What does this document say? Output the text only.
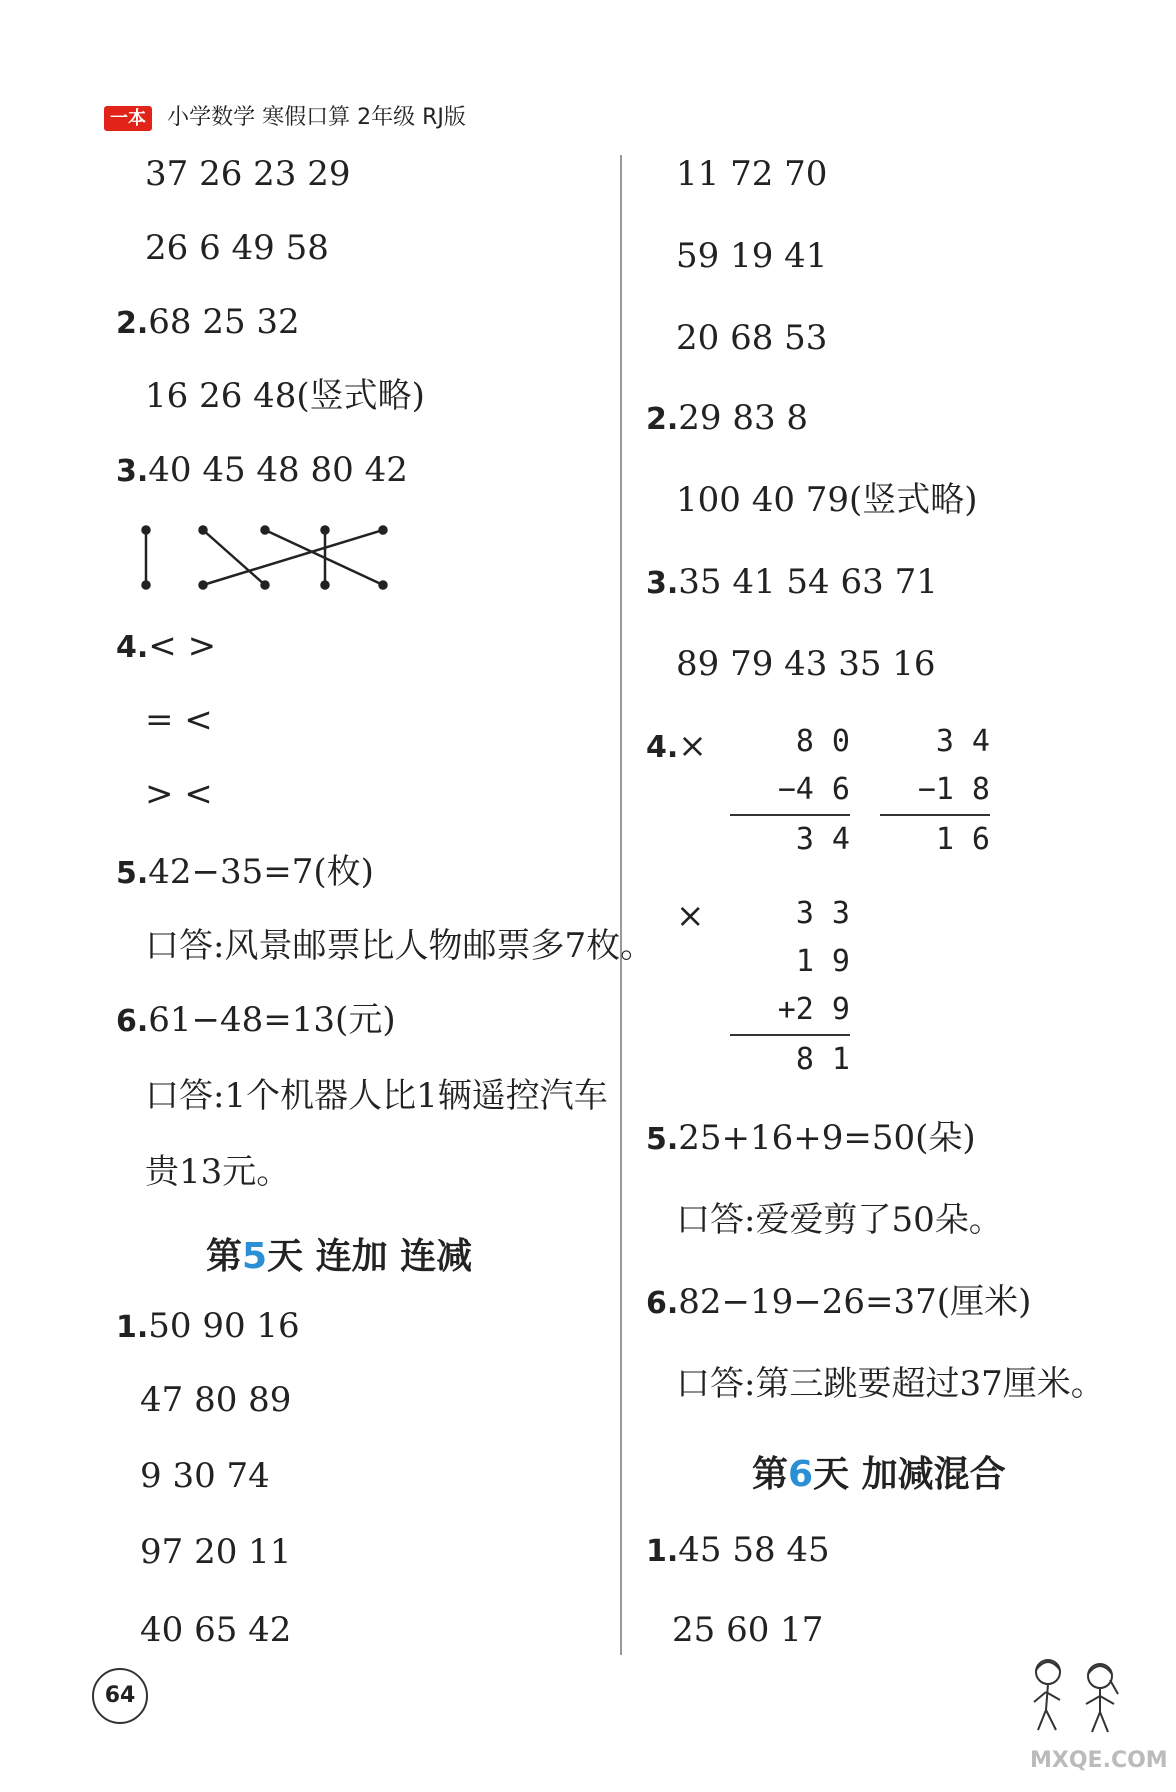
一本 小学数学 寒假口算 2年级 RJ版
37 26 23 29
26 6 49 58
2.68 25 32
16 26 48(竖式略)
3.40 45 48 80 42
4.< >
= <
> <
5.42−35=7(枚)
口答:风景邮票比人物邮票多7枚。
6.61−48=13(元)
口答:1个机器人比1辆遥控汽车
贵13元。
第5天 连加 连减
1.50 90 16
47 80 89
9 30 74
97 20 11
40 65 42
11 72 70
59 19 41
20 68 53
2.29 83 8
100 40 79(竖式略)
3.35 41 54 63 71
89 79 43 35 16
4.×	8 0
−4 6
3 4
3 4
−1 8
1 6
×	3 3
1 9
+2 9
8 1
5.25+16+9=50(朵)
口答:爱爱剪了50朵。
6.82−19−26=37(厘米)
口答:第三跳要超过37厘米。
第6天 加减混合
1.45 58 45
25 60 17
64
MXQE.COM
